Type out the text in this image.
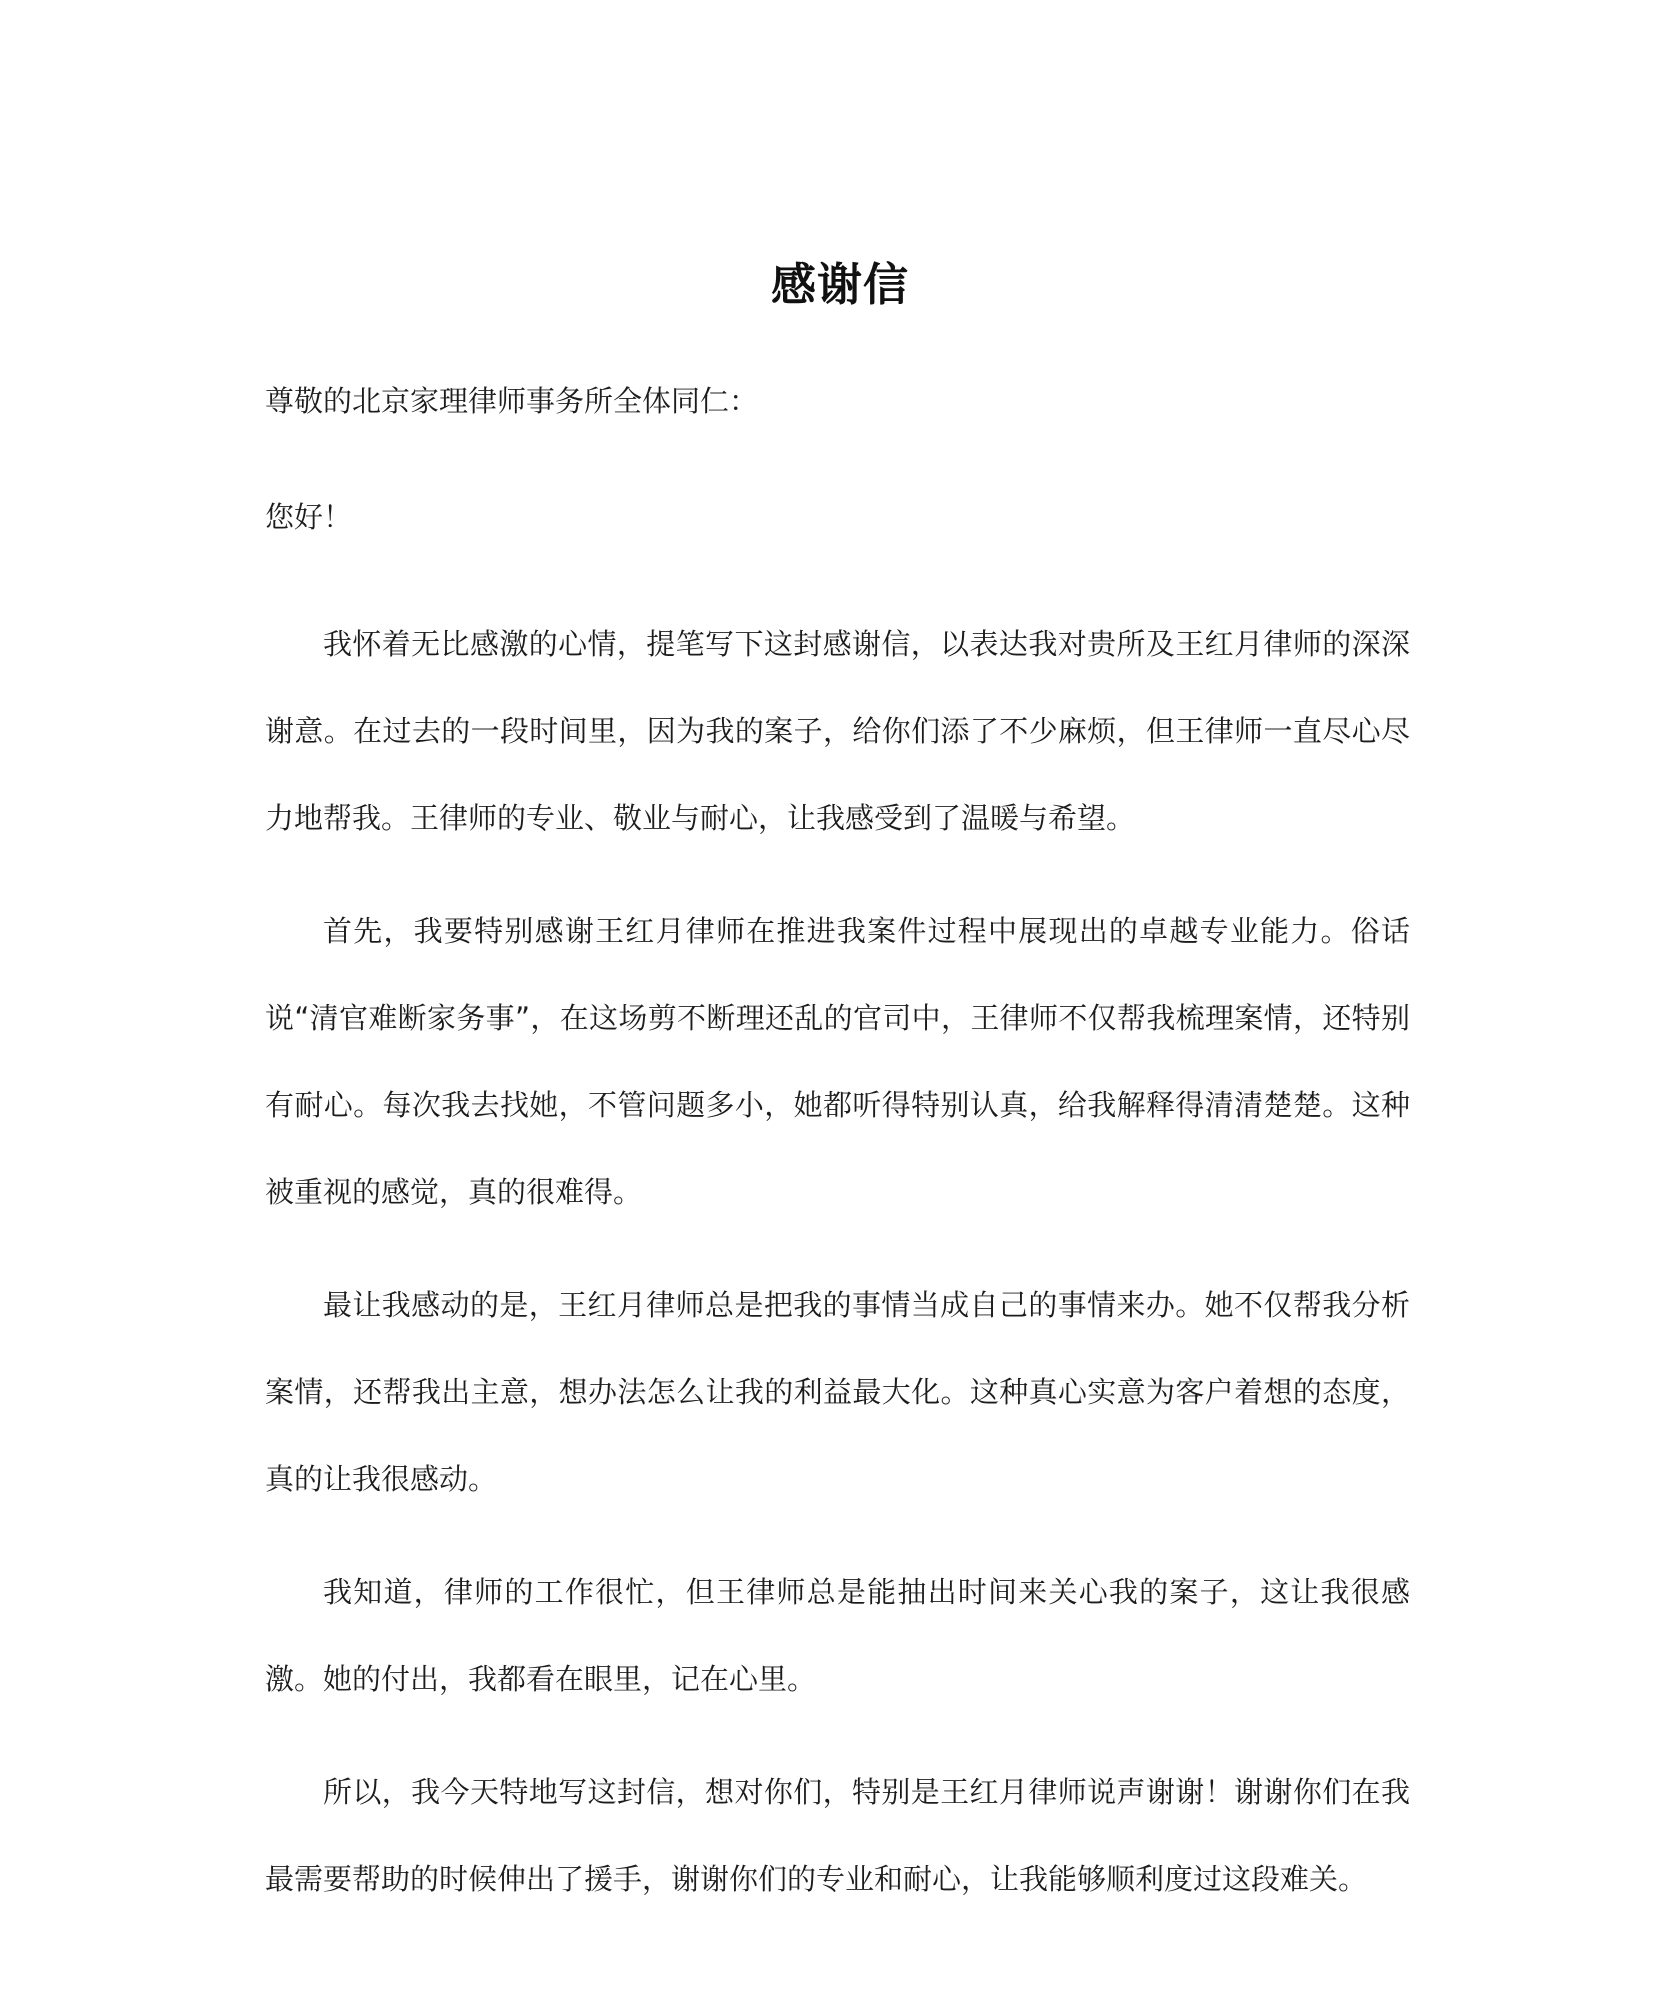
感谢信

尊敬的北京家理律师事务所全体同仁：

您好！

我怀着无比感激的心情，提笔写下这封感谢信，以表达我对贵所及王红月律师的深深谢意。在过去的一段时间里，因为我的案子，给你们添了不少麻烦，但王律师一直尽心尽力地帮我。王律师的专业、敬业与耐心，让我感受到了温暖与希望。

首先，我要特别感谢王红月律师在推进我案件过程中展现出的卓越专业能力。俗话说“清官难断家务事”，在这场剪不断理还乱的官司中，王律师不仅帮我梳理案情，还特别有耐心。每次我去找她，不管问题多小，她都听得特别认真，给我解释得清清楚楚。这种被重视的感觉，真的很难得。

最让我感动的是，王红月律师总是把我的事情当成自己的事情来办。她不仅帮我分析案情，还帮我出主意，想办法怎么让我的利益最大化。这种真心实意为客户着想的态度，真的让我很感动。

我知道，律师的工作很忙，但王律师总是能抽出时间来关心我的案子，这让我很感激。她的付出，我都看在眼里，记在心里。

所以，我今天特地写这封信，想对你们，特别是王红月律师说声谢谢！谢谢你们在我最需要帮助的时候伸出了援手，谢谢你们的专业和耐心，让我能够顺利度过这段难关。
